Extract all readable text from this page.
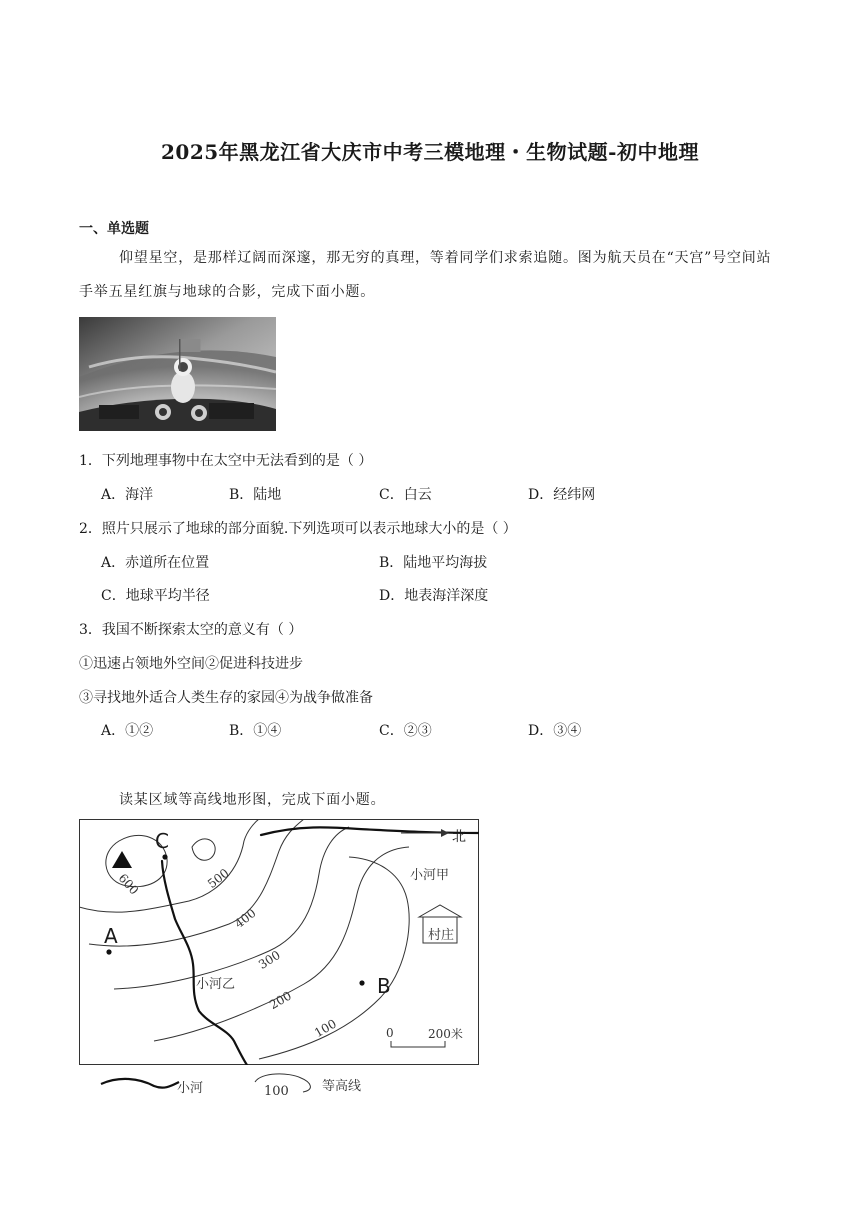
2025年黑龙江省大庆市中考三模地理・生物试题-初中地理
一、单选题
仰望星空，是那样辽阔而深邃，那无穷的真理，等着同学们求索追随。图为航天员在“天宫”号空间站
手举五星红旗与地球的合影，完成下面小题。
1．下列地理事物中在太空中无法看到的是（ ）
A．海洋	B．陆地	C．白云	D．经纬网
2．照片只展示了地球的部分面貌.下列选项可以表示地球大小的是（ ）
A．赤道所在位置	B．陆地平均海拔
C．地球平均半径	D．地表海洋深度
3．我国不断探索太空的意义有（ ）
①迅速占领地外空间②促进科技进步
③寻找地外适合人类生存的家园④为战争做准备
A．①②	B．①④	C．②③	D．③④
读某区域等高线地形图，完成下面小题。
C
A
B
北
小河甲
小河乙
村庄
0	200米
600	500
400
300
200
100
小河	100	等高线
